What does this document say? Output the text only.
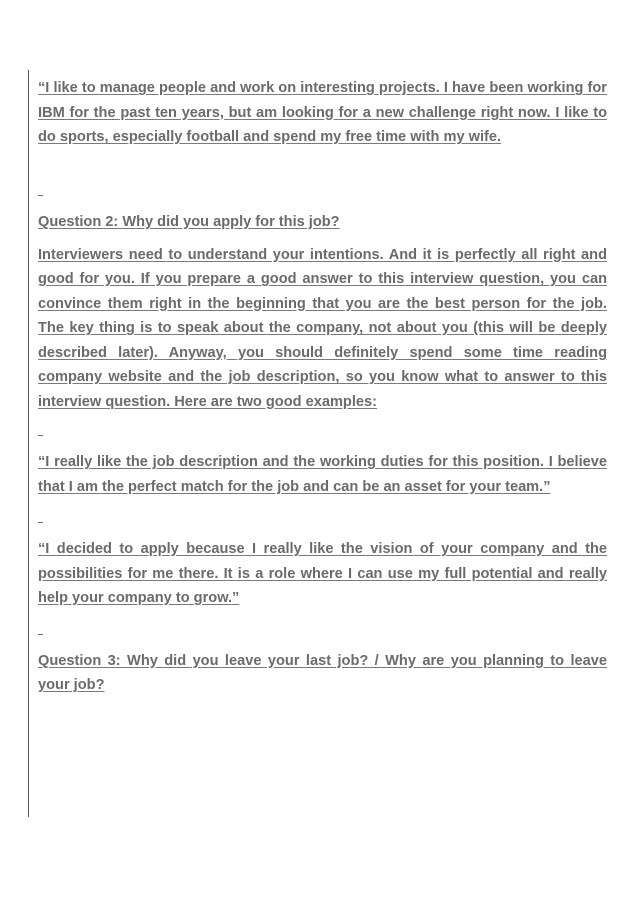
“I like to manage people and work on interesting projects. I have been working for IBM for the past ten years, but am looking for a new challenge right now. I like to do sports, especially football and spend my free time with my wife.

Question 2: Why did you apply for this job?

Interviewers need to understand your intentions. And it is perfectly all right and good for you. If you prepare a good answer to this interview question, you can convince them right in the beginning that you are the best person for the job.

The key thing is to speak about the company, not about you (this will be deeply described later). Anyway, you should definitely spend some time reading company website and the job description, so you know what to answer to this interview question. Here are two good examples:

“I really like the job description and the working duties for this position. I believe that I am the perfect match for the job and can be an asset for your team.”

“I decided to apply because I really like the vision of your company and the possibilities for me there. It is a role where I can use my full potential and really help your company to grow.”

Question 3: Why did you leave your last job? / Why are you planning to leave your job?
